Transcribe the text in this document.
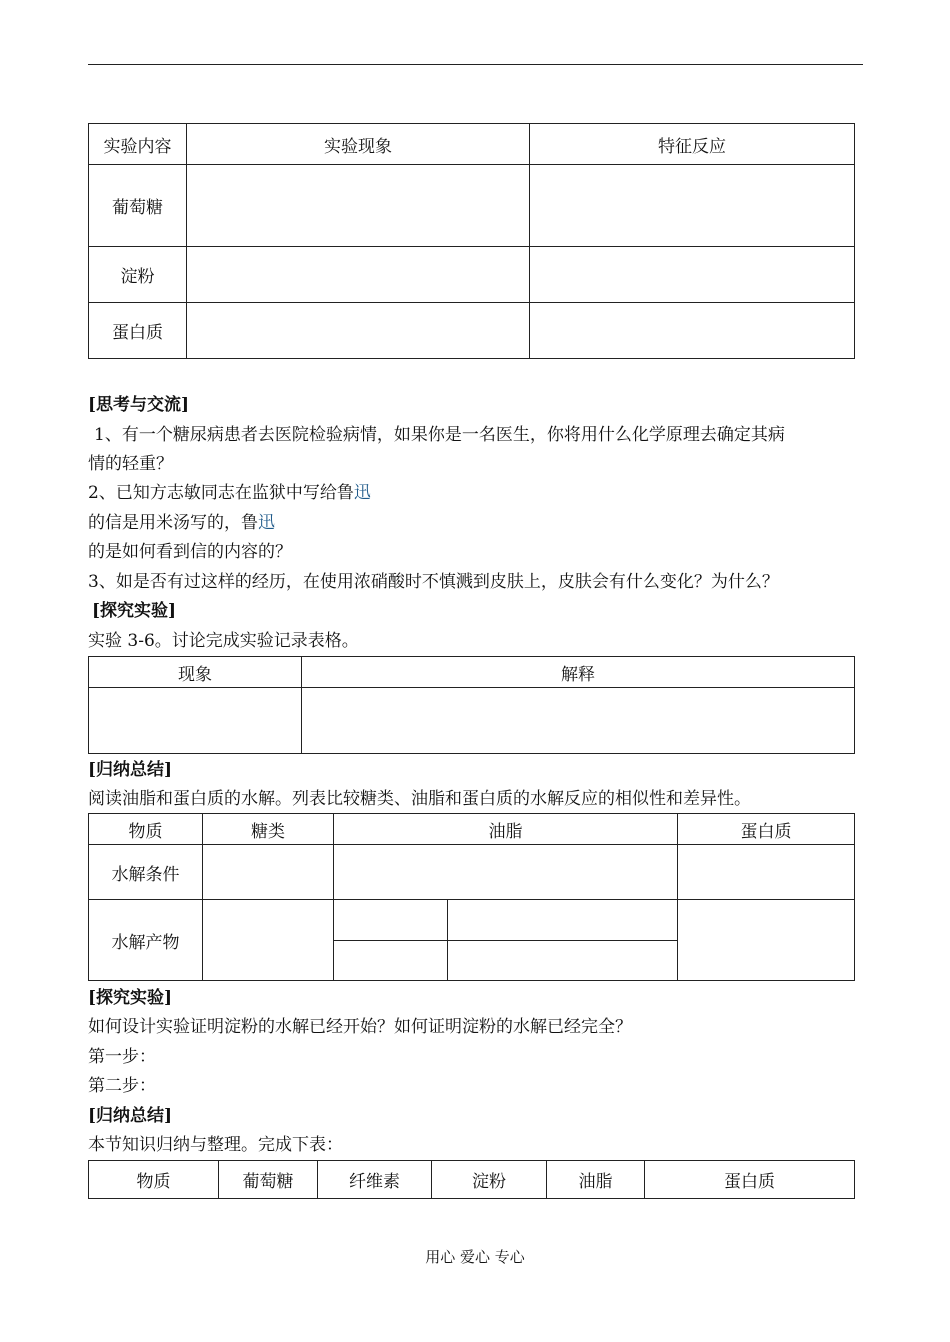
实验内容	实验现象	特征反应
葡萄糖		
淀粉		
蛋白质		
[思考与交流]
1、有一个糖尿病患者去医院检验病情，如果你是一名医生，你将用什么化学原理去确定其病
情的轻重？
2、已知方志敏同志在监狱中写给鲁迅
的信是用米汤写的，鲁迅
的是如何看到信的内容的？
3、如是否有过这样的经历，在使用浓硝酸时不慎溅到皮肤上，皮肤会有什么变化？为什么？
[探究实验]
实验 3-6。讨论完成实验记录表格。
现象	解释

[归纳总结]
阅读油脂和蛋白质的水解。列表比较糖类、油脂和蛋白质的水解反应的相似性和差异性。
物质	糖类	油脂		蛋白质
水解条件				
水解产物				

[探究实验]
如何设计实验证明淀粉的水解已经开始？如何证明淀粉的水解已经完全？
第一步：
第二步：
[归纳总结]
本节知识归纳与整理。完成下表：
物质	葡萄糖	纤维素	淀粉	油脂	蛋白质
用心 爱心 专心
